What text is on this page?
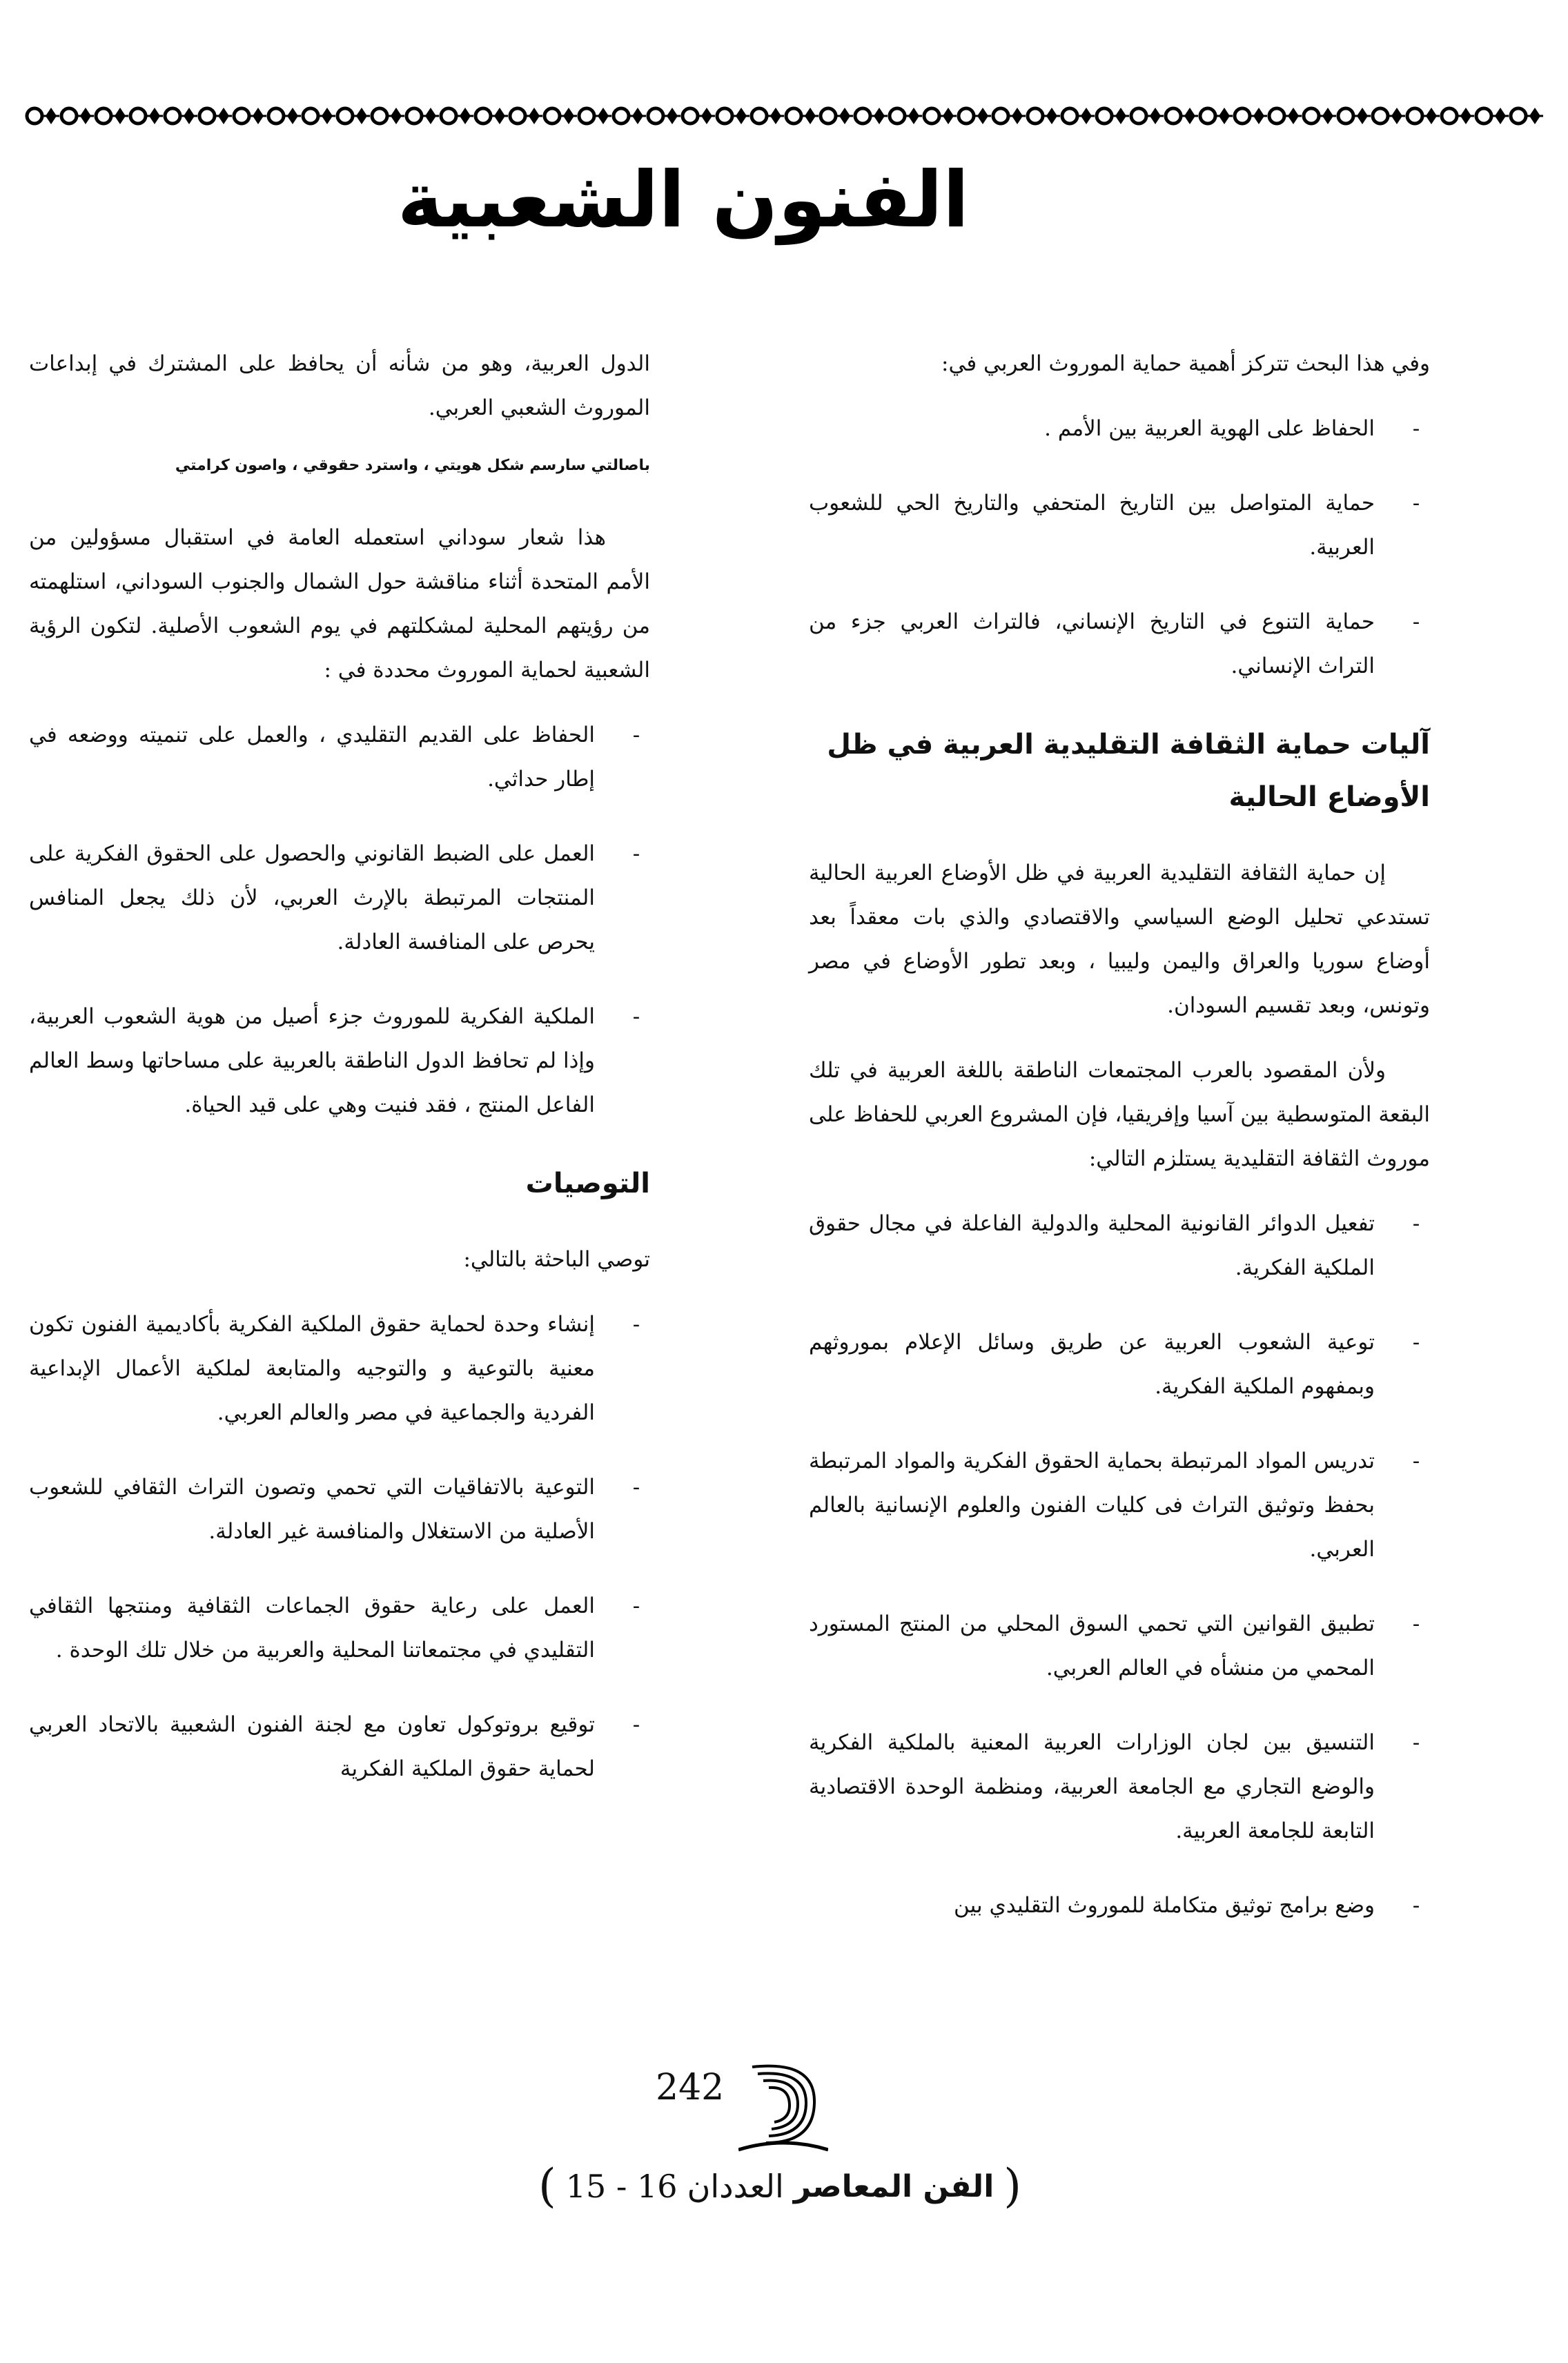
الفنون الشعبية

وفي هذا البحث تتركز أهمية حماية الموروث العربي في:

-
الحفاظ على الهوية العربية بين الأمم .
-
حماية المتواصل بين التاريخ المتحفي والتاريخ الحي للشعوب العربية.
-
حماية التنوع في التاريخ الإنساني، فالتراث العربي جزء من التراث الإنساني.
آليات حماية الثقافة التقليدية العربية في ظل الأوضاع الحالية

إن حماية الثقافة التقليدية العربية في ظل الأوضاع العربية الحالية تستدعي تحليل الوضع السياسي والاقتصادي والذي بات معقداً بعد أوضاع سوريا والعراق واليمن وليبيا ، وبعد تطور الأوضاع في مصر وتونس، وبعد تقسيم السودان.

ولأن المقصود بالعرب المجتمعات الناطقة باللغة العربية في تلك البقعة المتوسطية بين آسيا وإفريقيا، فإن المشروع العربي للحفاظ على موروث الثقافة التقليدية يستلزم التالي:

-
تفعيل الدوائر القانونية المحلية والدولية الفاعلة في مجال حقوق الملكية الفكرية.
-
توعية الشعوب العربية عن طريق وسائل الإعلام بموروثهم وبمفهوم الملكية الفكرية.
-
تدريس المواد المرتبطة بحماية الحقوق الفكرية والمواد المرتبطة بحفظ وتوثيق التراث فى كليات الفنون والعلوم الإنسانية بالعالم العربي.
-
تطبيق القوانين التي تحمي السوق المحلي من المنتج المستورد المحمي من منشأه في العالم العربي.
-
التنسيق بين لجان الوزارات العربية المعنية بالملكية الفكرية والوضع التجاري مع الجامعة العربية، ومنظمة الوحدة الاقتصادية التابعة للجامعة العربية.
-
وضع برامج توثيق متكاملة للموروث التقليدي بين

الدول العربية، وهو من شأنه أن يحافظ على المشترك في إبداعات الموروث الشعبي العربي.

باصالتي سارسم شكل هويتي ، واسترد حقوقي ، واصون كرامتي

هذا شعار سوداني استعمله العامة في استقبال مسؤولين من الأمم المتحدة أثناء مناقشة حول الشمال والجنوب السوداني، استلهمته من رؤيتهم المحلية لمشكلتهم في يوم الشعوب الأصلية. لتكون الرؤية الشعبية لحماية الموروث محددة في :

-
الحفاظ على القديم التقليدي ، والعمل على تنميته ووضعه في إطار حداثي.
-
العمل على الضبط القانوني والحصول على الحقوق الفكرية على المنتجات المرتبطة بالإرث العربي، لأن ذلك يجعل المنافس يحرص على المنافسة العادلة.
-
الملكية الفكرية للموروث جزء أصيل من هوية الشعوب العربية، وإذا لم تحافظ الدول الناطقة بالعربية على مساحاتها وسط العالم الفاعل المنتج ، فقد فنيت وهي على قيد الحياة.
التوصيات

توصي الباحثة بالتالي:

-
إنشاء وحدة لحماية حقوق الملكية الفكرية بأكاديمية الفنون تكون معنية بالتوعية و والتوجيه والمتابعة لملكية الأعمال الإبداعية الفردية والجماعية في مصر والعالم العربي.
-
التوعية بالاتفاقيات التي تحمي وتصون التراث الثقافي للشعوب الأصلية من الاستغلال والمنافسة غير العادلة.
-
العمل على رعاية حقوق الجماعات الثقافية ومنتجها الثقافي التقليدي في مجتمعاتنا المحلية والعربية من خلال تلك الوحدة .
-
توقيع بروتوكول تعاون مع لجنة الفنون الشعبية بالاتحاد العربي لحماية حقوق الملكية الفكرية
242
(
الفن المعاصر
العددان
15 - 16
)
